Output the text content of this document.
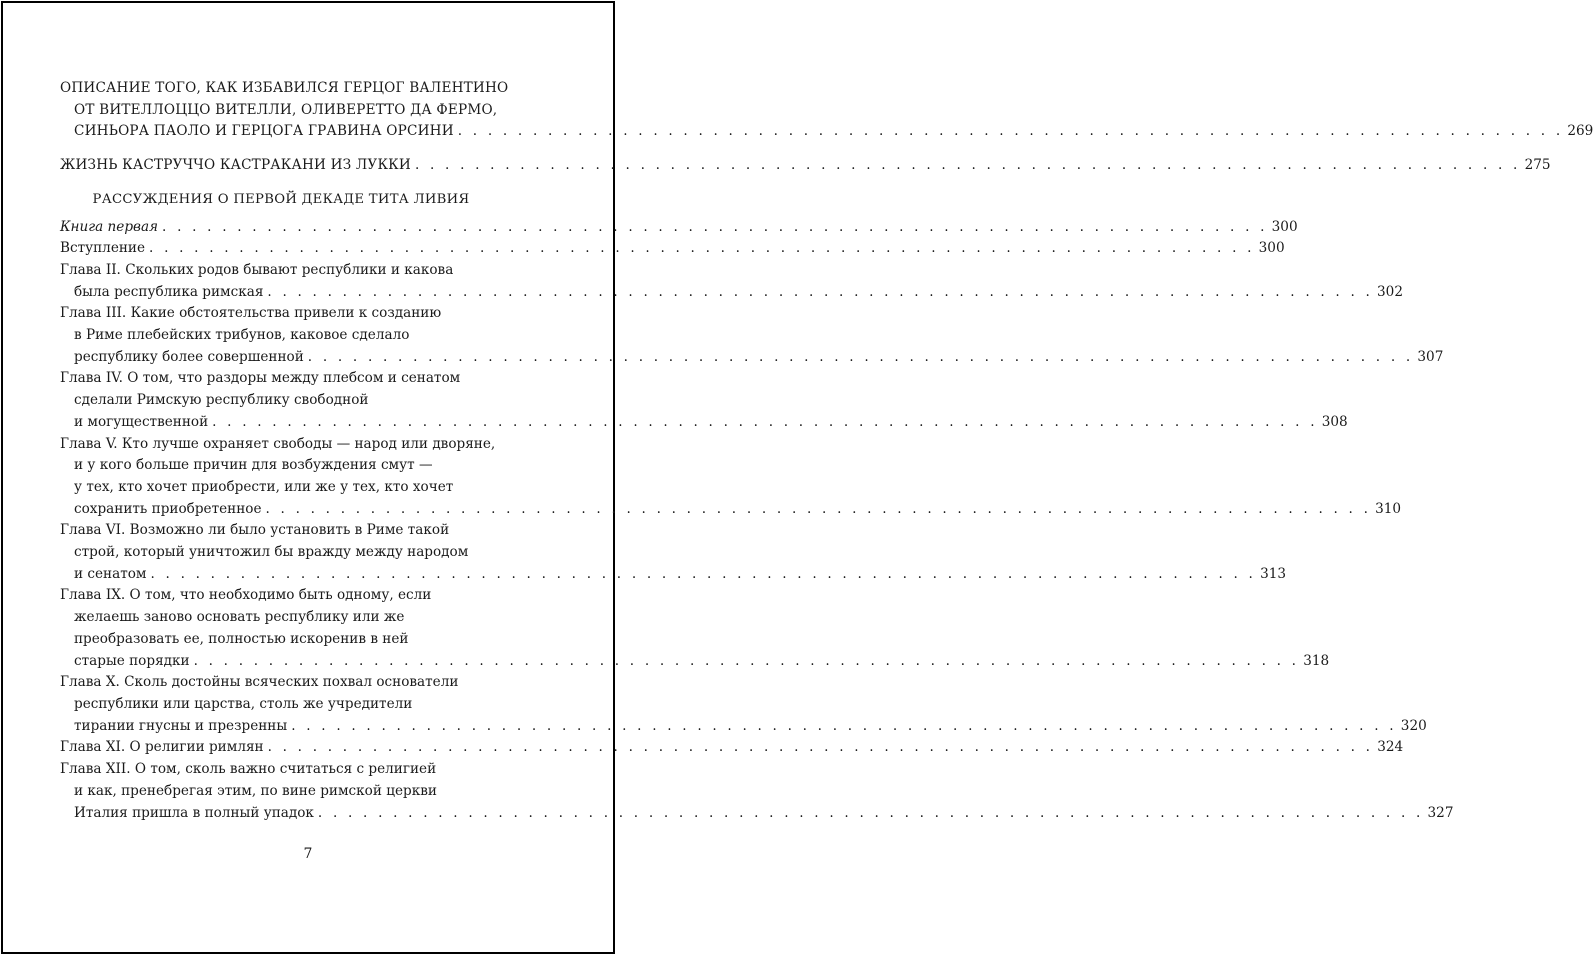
ОПИСАНИЕ ТОГО, КАК ИЗБАВИЛСЯ ГЕРЦОГ ВАЛЕНТИНО
ОТ ВИТЕЛЛОЦЦО ВИТЕЛЛИ, ОЛИВЕРЕТТО ДА ФЕРМО,
СИНЬОРА ПАОЛО И ГЕРЦОГА ГРАВИНА ОРСИНИ . . . . . . . . . . . . . . . . . . . . . . . . . . . . . . . . . . . . . . . . . . . . . . . . . . . . . . . . . . . . . . . . . . . . . . . . . . 269
ЖИЗНЬ КАСТРУЧЧО КАСТРАКАНИ ИЗ ЛУККИ . . . . . . . . . . . . . . . . . . . . . . . . . . . . . . . . . . . . . . . . . . . . . . . . . . . . . . . . . . . . . . . . . . . . . . . . . . 275
РАССУЖДЕНИЯ О ПЕРВОЙ ДЕКАДЕ ТИТА ЛИВИЯ
Книга первая . . . . . . . . . . . . . . . . . . . . . . . . . . . . . . . . . . . . . . . . . . . . . . . . . . . . . . . . . . . . . . . . . . . . . . . . . . 300
Вступление . . . . . . . . . . . . . . . . . . . . . . . . . . . . . . . . . . . . . . . . . . . . . . . . . . . . . . . . . . . . . . . . . . . . . . . . . . 300
Глава II. Скольких родов бывают республики и какова
была республика римская . . . . . . . . . . . . . . . . . . . . . . . . . . . . . . . . . . . . . . . . . . . . . . . . . . . . . . . . . . . . . . . . . . . . . . . . . . 302
Глава III. Какие обстоятельства привели к созданию
в Риме плебейских трибунов, каковое сделало
республику более совершенной . . . . . . . . . . . . . . . . . . . . . . . . . . . . . . . . . . . . . . . . . . . . . . . . . . . . . . . . . . . . . . . . . . . . . . . . . . 307
Глава IV. О том, что раздоры между плебсом и сенатом
сделали Римскую республику свободной
и могущественной . . . . . . . . . . . . . . . . . . . . . . . . . . . . . . . . . . . . . . . . . . . . . . . . . . . . . . . . . . . . . . . . . . . . . . . . . . 308
Глава V. Кто лучше охраняет свободы — народ или дворяне,
и у кого больше причин для возбуждения смут —
у тех, кто хочет приобрести, или же у тех, кто хочет
сохранить приобретенное . . . . . . . . . . . . . . . . . . . . . . . . . . . . . . . . . . . . . . . . . . . . . . . . . . . . . . . . . . . . . . . . . . . . . . . . . . 310
Глава VI. Возможно ли было установить в Риме такой
строй, который уничтожил бы вражду между народом
и сенатом . . . . . . . . . . . . . . . . . . . . . . . . . . . . . . . . . . . . . . . . . . . . . . . . . . . . . . . . . . . . . . . . . . . . . . . . . . 313
Глава IX. О том, что необходимо быть одному, если
желаешь заново основать республику или же
преобразовать ее, полностью искоренив в ней
старые порядки . . . . . . . . . . . . . . . . . . . . . . . . . . . . . . . . . . . . . . . . . . . . . . . . . . . . . . . . . . . . . . . . . . . . . . . . . . 318
Глава X. Сколь достойны всяческих похвал основатели
республики или царства, столь же учредители
тирании гнусны и презренны . . . . . . . . . . . . . . . . . . . . . . . . . . . . . . . . . . . . . . . . . . . . . . . . . . . . . . . . . . . . . . . . . . . . . . . . . . 320
Глава XI. О религии римлян . . . . . . . . . . . . . . . . . . . . . . . . . . . . . . . . . . . . . . . . . . . . . . . . . . . . . . . . . . . . . . . . . . . . . . . . . . 324
Глава XII. О том, сколь важно считаться с религией
и как, пренебрегая этим, по вине римской церкви
Италия пришла в полный упадок . . . . . . . . . . . . . . . . . . . . . . . . . . . . . . . . . . . . . . . . . . . . . . . . . . . . . . . . . . . . . . . . . . . . . . . . . . 327
7
